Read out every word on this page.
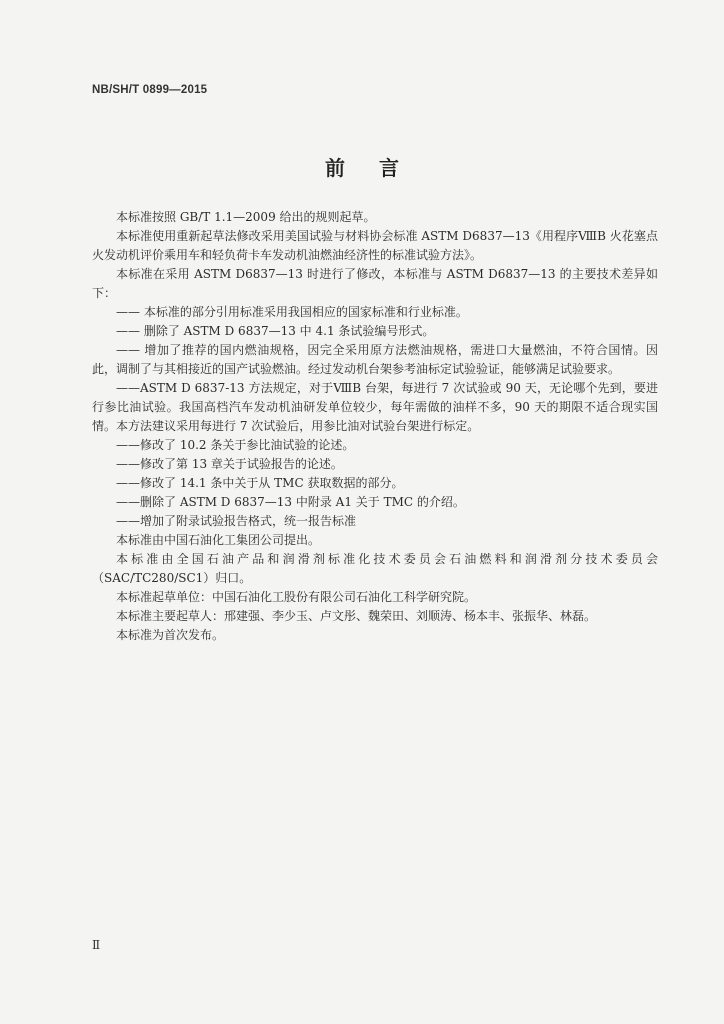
NB/SH/T 0899—2015
前言

本标准按照 GB/T 1.1—2009 给出的规则起草。

本标准使用重新起草法修改采用美国试验与材料协会标准 ASTM D6837—13《用程序ⅧB 火花塞点火发动机评价乘用车和轻负荷卡车发动机油燃油经济性的标准试验方法》。

本标准在采用 ASTM D6837—13 时进行了修改，本标准与 ASTM D6837—13 的主要技术差异如下：

—— 本标准的部分引用标准采用我国相应的国家标准和行业标准。

—— 删除了 ASTM D 6837—13 中 4.1 条试验编号形式。

—— 增加了推荐的国内燃油规格，因完全采用原方法燃油规格，需进口大量燃油，不符合国情。因此，调制了与其相接近的国产试验燃油。经过发动机台架参考油标定试验验证，能够满足试验要求。

——ASTM D 6837-13 方法规定，对于ⅧB 台架，每进行 7 次试验或 90 天，无论哪个先到，要进行参比油试验。我国高档汽车发动机油研发单位较少，每年需做的油样不多，90 天的期限不适合现实国情。本方法建议采用每进行 7 次试验后，用参比油对试验台架进行标定。

——修改了 10.2 条关于参比油试验的论述。

——修改了第 13 章关于试验报告的论述。

——修改了 14.1 条中关于从 TMC 获取数据的部分。

——删除了 ASTM D 6837—13 中附录 A1 关于 TMC 的介绍。

——增加了附录试验报告格式，统一报告标准

本标准由中国石油化工集团公司提出。

本标准由全国石油产品和润滑剂标准化技术委员会石油燃料和润滑剂分技术委员会（SAC/TC280/SC1）归口。

本标准起草单位：中国石油化工股份有限公司石油化工科学研究院。

本标准主要起草人：邢建强、李少玉、卢文彤、魏荣田、刘顺涛、杨本丰、张振华、林磊。

本标准为首次发布。

Ⅱ
